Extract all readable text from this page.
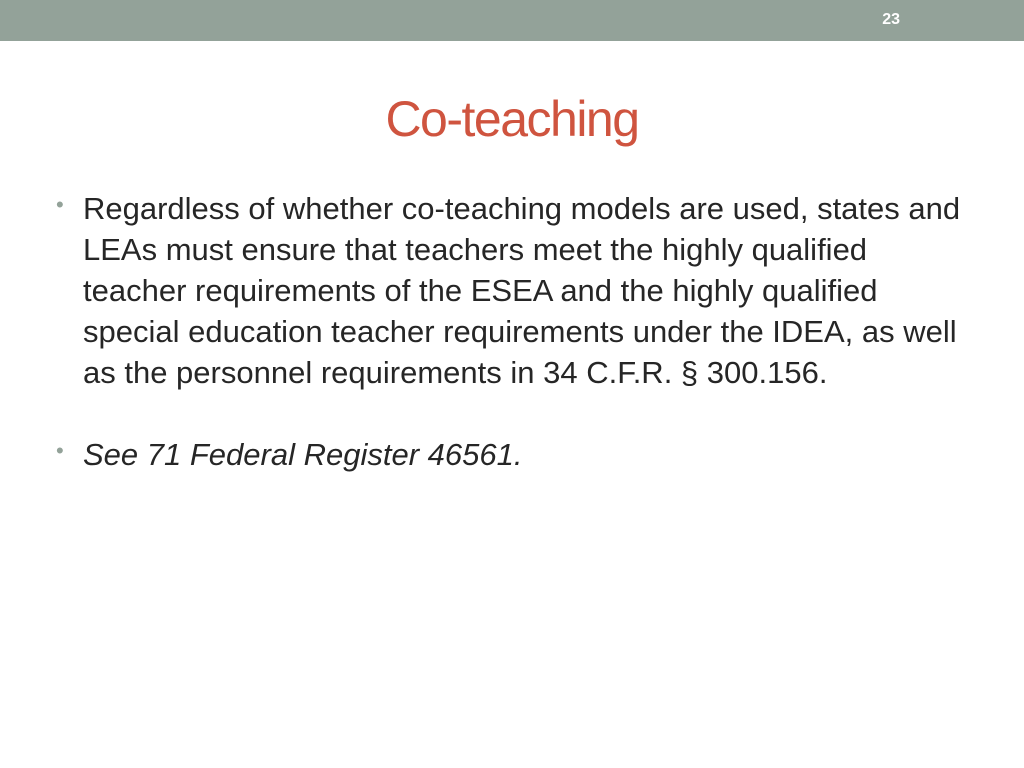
23
Co-teaching
• Regardless of whether co-teaching models are used, states and LEAs must ensure that teachers meet the highly qualified teacher requirements of the ESEA and the highly qualified special education teacher requirements under the IDEA, as well as the personnel requirements in 34 C.F.R. § 300.156.
• See 71 Federal Register 46561.
